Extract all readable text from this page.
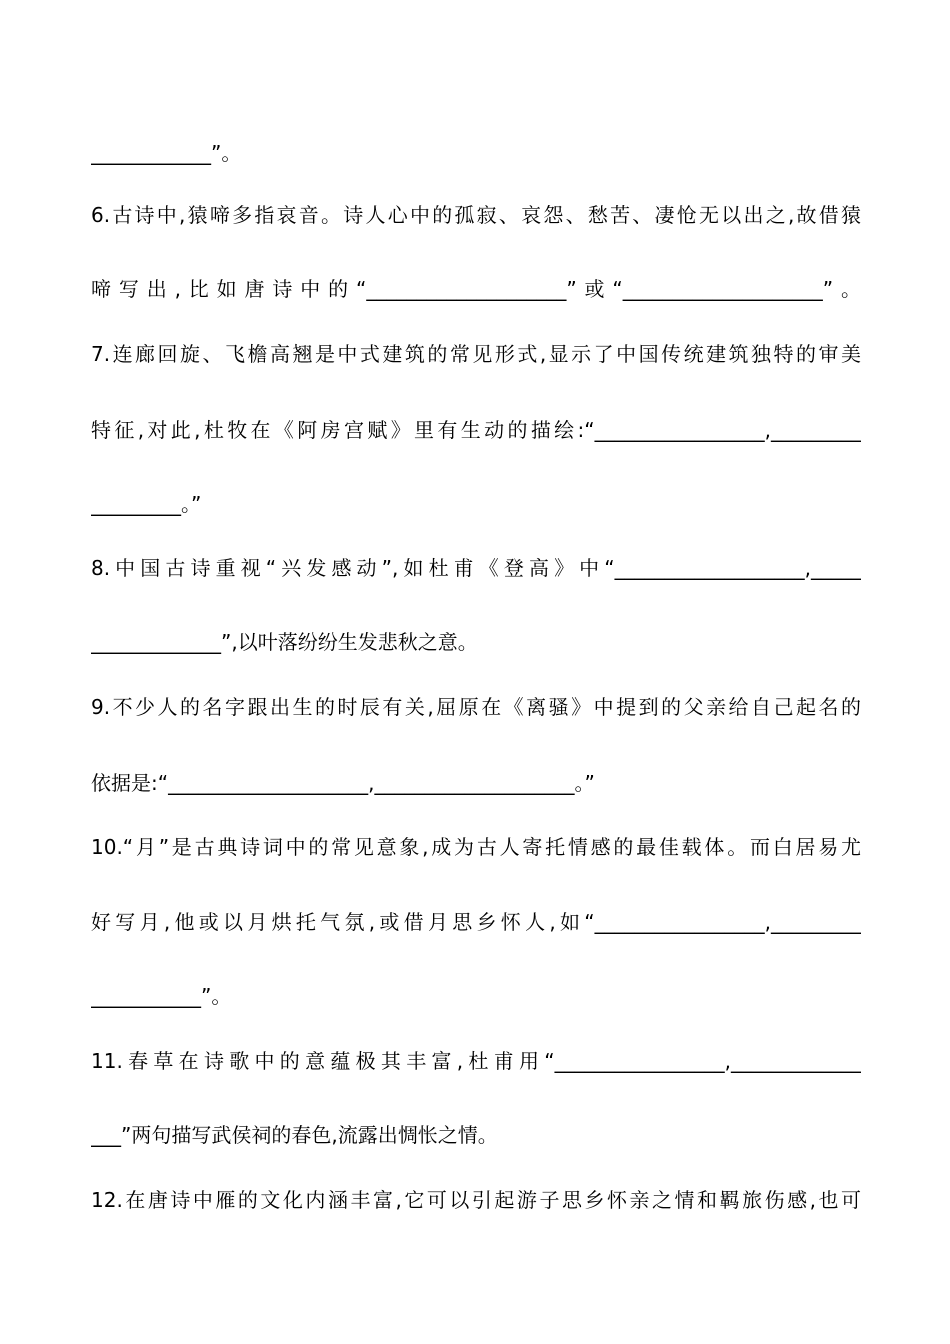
____________”。
6.古诗中,猿啼多指哀音。诗人心中的孤寂、哀怨、愁苦、凄怆无以出之,故借猿
啼写出,比如唐诗中的“____________________”或“____________________”。
7.连廊回旋、飞檐高翘是中式建筑的常见形式,显示了中国传统建筑独特的审美
特征,对此,杜牧在《阿房宫赋》里有生动的描绘:“_________________,_________
_________。”
8.中国古诗重视“兴发感动”,如杜甫《登高》中“___________________,_____
_____________”,以叶落纷纷生发悲秋之意。
9.不少人的名字跟出生的时辰有关,屈原在《离骚》中提到的父亲给自己起名的
依据是:“____________________,____________________。”
10.“月”是古典诗词中的常见意象,成为古人寄托情感的最佳载体。而白居易尤
好写月,他或以月烘托气氛,或借月思乡怀人,如“_________________,_________
___________”。
11.春草在诗歌中的意蕴极其丰富,杜甫用“_________________,_____________
___”两句描写武侯祠的春色,流露出惆怅之情。
12.在唐诗中雁的文化内涵丰富,它可以引起游子思乡怀亲之情和羁旅伤感,也可
